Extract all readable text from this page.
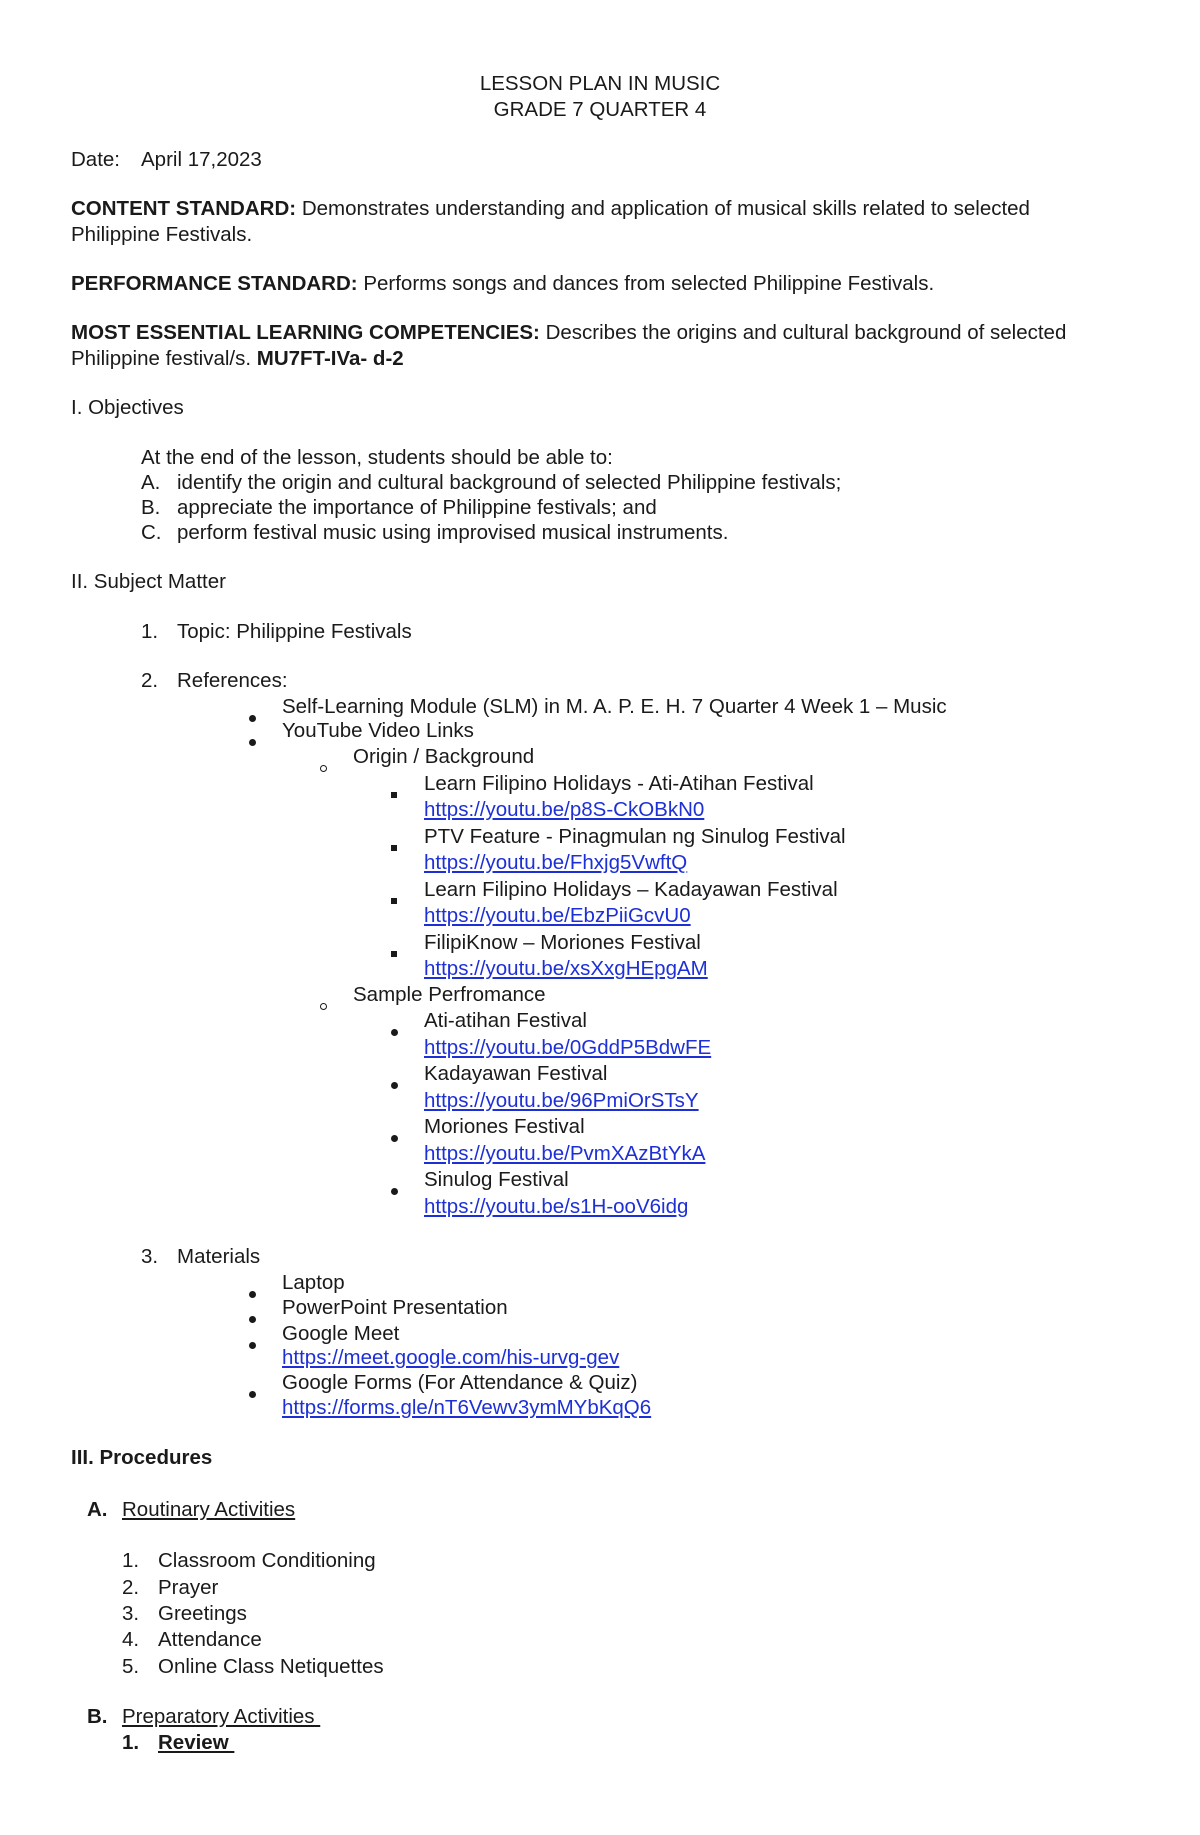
LESSON PLAN IN MUSIC
GRADE 7 QUARTER 4
Date: April 17,2023
CONTENT STANDARD: Demonstrates understanding and application of musical skills related to selected
Philippine Festivals.
PERFORMANCE STANDARD: Performs songs and dances from selected Philippine Festivals.
MOST ESSENTIAL LEARNING COMPETENCIES: Describes the origins and cultural background of selected
Philippine festival/s. MU7FT-IVa- d-2
I. Objectives
At the end of the lesson, students should be able to:
A. identify the origin and cultural background of selected Philippine festivals;
B. appreciate the importance of Philippine festivals; and
C. perform festival music using improvised musical instruments.
II. Subject Matter
1. Topic: Philippine Festivals
2. References:
Self-Learning Module (SLM) in M. A. P. E. H. 7 Quarter 4 Week 1 – Music
YouTube Video Links
Origin / Background
Learn Filipino Holidays - Ati-Atihan Festival
https://youtu.be/p8S-CkOBkN0
PTV Feature - Pinagmulan ng Sinulog Festival
https://youtu.be/Fhxjg5VwftQ
Learn Filipino Holidays – Kadayawan Festival
https://youtu.be/EbzPiiGcvU0
FilipiKnow – Moriones Festival
https://youtu.be/xsXxgHEpgAM
Sample Perfromance
Ati-atihan Festival
https://youtu.be/0GddP5BdwFE
Kadayawan Festival
https://youtu.be/96PmiOrSTsY
Moriones Festival
https://youtu.be/PvmXAzBtYkA
Sinulog Festival
https://youtu.be/s1H-ooV6idg
3. Materials
Laptop
PowerPoint Presentation
Google Meet
https://meet.google.com/his-urvg-gev
Google Forms (For Attendance & Quiz)
https://forms.gle/nT6Vewv3ymMYbKqQ6
III. Procedures
A. Routinary Activities
1. Classroom Conditioning
2. Prayer
3. Greetings
4. Attendance
5. Online Class Netiquettes
B. Preparatory Activities
1. Review
